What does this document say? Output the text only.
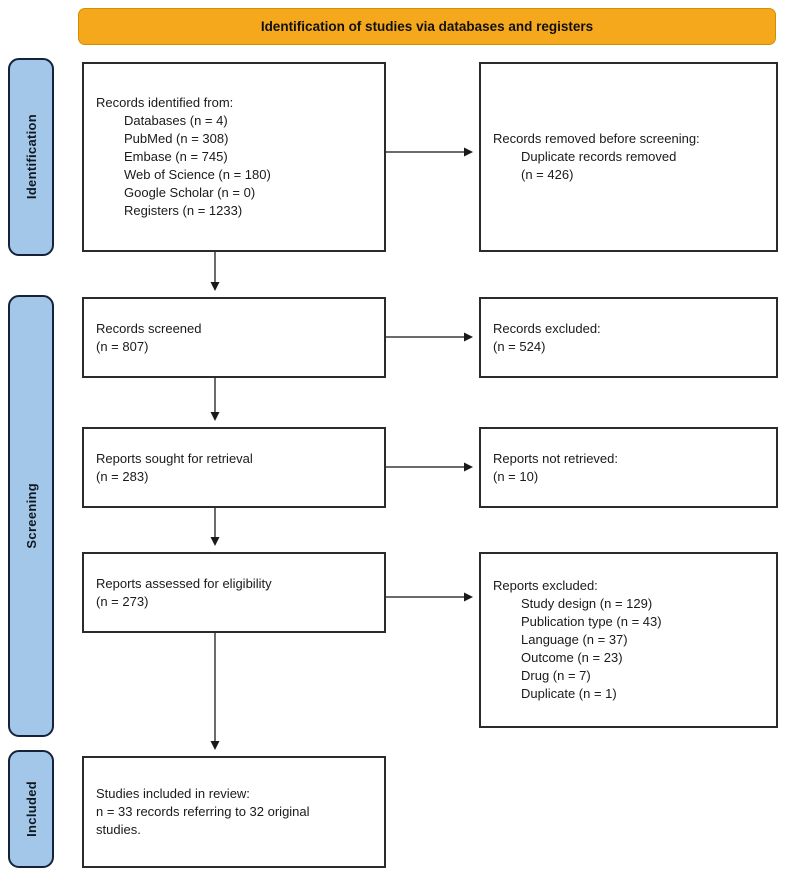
Identification of studies via databases and registers
Identification
Screening
Included
Records identified from:
Databases (n = 4)
PubMed (n = 308)
Embase (n = 745)
Web of Science (n = 180)
Google Scholar (n = 0)
Registers (n = 1233)
Records removed before screening:
Duplicate records removed
(n = 426)
Records screened
(n = 807)
Records excluded:
(n = 524)
Reports sought for retrieval
(n = 283)
Reports not retrieved:
(n = 10)
Reports assessed for eligibility
(n = 273)
Reports excluded:
Study design (n = 129)
Publication type (n = 43)
Language (n = 37)
Outcome (n = 23)
Drug (n = 7)
Duplicate (n = 1)
Studies included in review:
n = 33 records referring to 32 original
studies.
